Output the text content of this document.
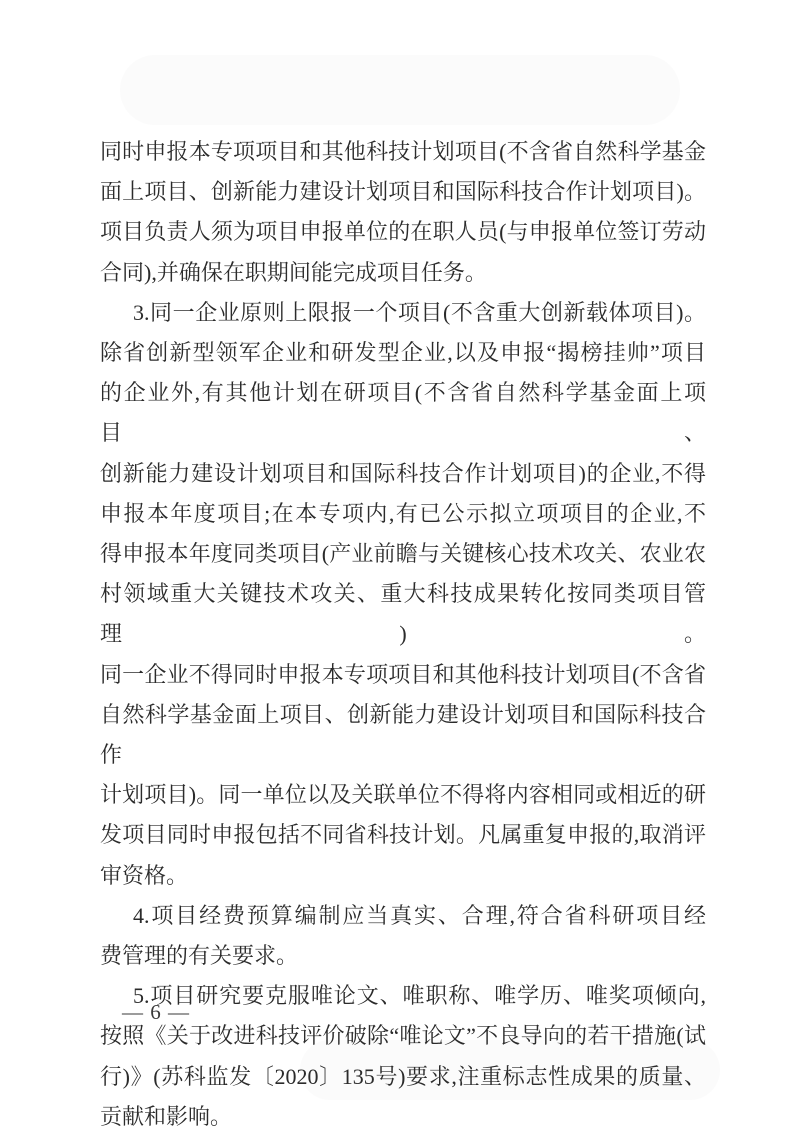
同时申报本专项项目和其他科技计划项目(不含省自然科学基金
面上项目、创新能力建设计划项目和国际科技合作计划项目)。
项目负责人须为项目申报单位的在职人员(与申报单位签订劳动
合同),并确保在职期间能完成项目任务。
3.同一企业原则上限报一个项目(不含重大创新载体项目)。
除省创新型领军企业和研发型企业,以及申报“揭榜挂帅”项目
的企业外,有其他计划在研项目(不含省自然科学基金面上项目、
创新能力建设计划项目和国际科技合作计划项目)的企业,不得
申报本年度项目;在本专项内,有已公示拟立项项目的企业,不
得申报本年度同类项目(产业前瞻与关键核心技术攻关、农业农
村领域重大关键技术攻关、重大科技成果转化按同类项目管理)。
同一企业不得同时申报本专项项目和其他科技计划项目(不含省
自然科学基金面上项目、创新能力建设计划项目和国际科技合作
计划项目)。同一单位以及关联单位不得将内容相同或相近的研
发项目同时申报包括不同省科技计划。凡属重复申报的,取消评
审资格。
4.项目经费预算编制应当真实、合理,符合省科研项目经
费管理的有关要求。
5.项目研究要克服唯论文、唯职称、唯学历、唯奖项倾向,
按照《关于改进科技评价破除“唯论文”不良导向的若干措施(试
行)》(苏科监发〔2020〕135号)要求,注重标志性成果的质量、
贡献和影响。
— 6 —
